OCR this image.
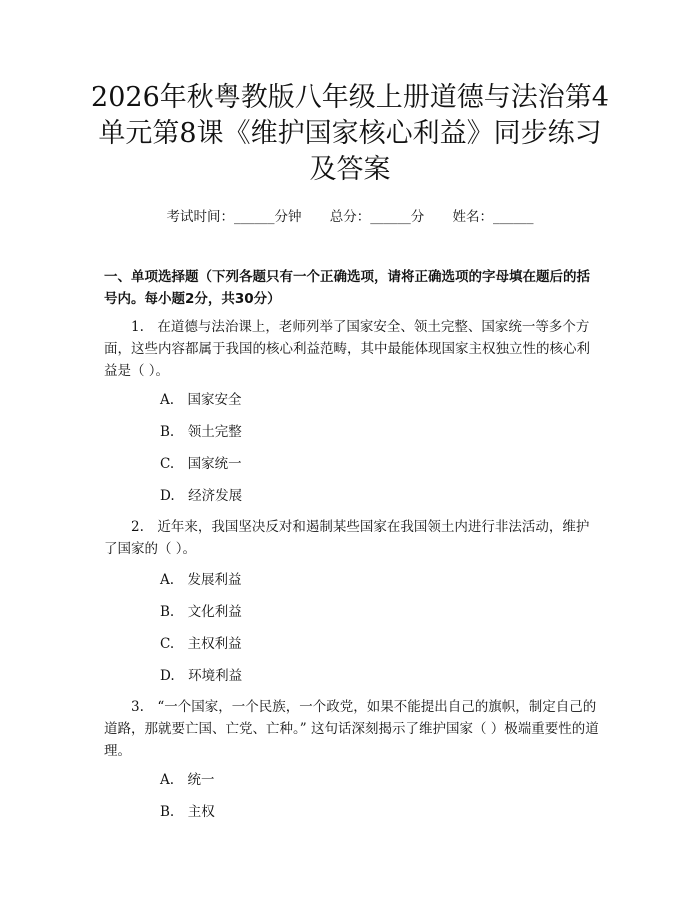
2026年秋粤教版八年级上册道德与法治第4
单元第8课《维护国家核心利益》同步练习
及答案
考试时间：______分钟 总分：______分 姓名：______
一、单项选择题（下列各题只有一个正确选项，请将正确选项的字母填在题后的括号内。每小题2分，共30分）
1.　在道德与法治课上，老师列举了国家安全、领土完整、国家统一等多个方面，这些内容都属于我国的核心利益范畴，其中最能体现国家主权独立性的核心利益是（ ）。
A.　国家安全
B.　领土完整
C.　国家统一
D.　经济发展
2.　近年来，我国坚决反对和遏制某些国家在我国领土内进行非法活动，维护了国家的（ ）。
A.　发展利益
B.　文化利益
C.　主权利益
D.　环境利益
3.　“一个国家，一个民族，一个政党，如果不能提出自己的旗帜，制定自己的道路，那就要亡国、亡党、亡种。” 这句话深刻揭示了维护国家（ ）极端重要性的道理。
A.　统一
B.　主权
